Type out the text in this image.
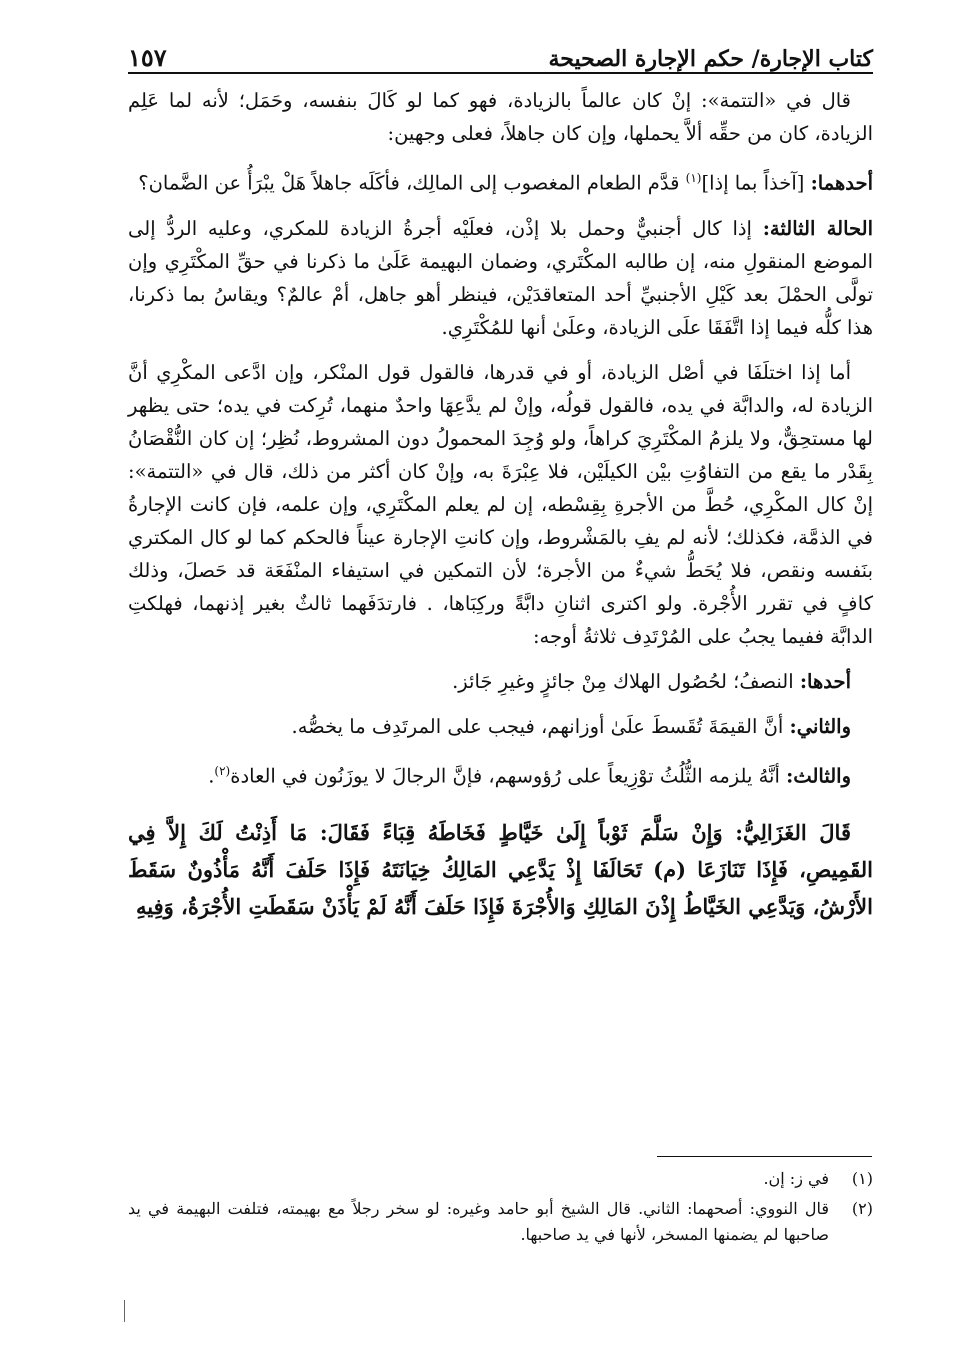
كتاب الإجارة/ حكم الإجارة الصحيحة
١٥٧

قال في «التتمة»: إنْ كان عالماً بالزيادة، فهو كما لو كَالَ بنفسه، وحَمَل؛ لأنه لما عَلِم الزيادة، كان من حقِّه ألاَّ يحملها، وإن كان جاهلاً، فعلى وجهين:

أحدهما: [آخذاً بما إذا]$^{(١)}$ قدَّم الطعام المغصوب إلى المالِك، فأكَلَه جاهلاً هَلْ يبْرَأُ عن الضَّمان؟

الحالة الثالثة: إذا كال أجنبيٌّ وحمل بلا إذْن، فعلَيْه أجرةُ الزيادة للمكري، وعليه الردُّ إلى الموضع المنقولِ منه، إن طالبه المكْتَري، وضمان البهيمة عَلَىٰ ما ذكرنا في حقِّ المكْتَرِي وإن تولَّى الحمْلَ بعد كَيْلِ الأجنبيِّ أحد المتعاقدَيْن، فينظر أهو جاهل، أمْ عالمٌ؟ ويقاسُ بما ذكرنا، هذا كلُّه فيما إذا اتَّفَقَا علَى الزيادة، وعلَىٰ أنها للمُكْتَرِي.

أما إذا اختلَفَا في أصْل الزيادة، أو في قدرها، فالقول قول المنْكر، وإن ادَّعى المكْرِي أنَّ الزيادة له، والدابَّة في يده، فالقول قولُه، وإنْ لم يدَّعِهَا واحدٌ منهما، تُرِكت في يده؛ حتى يظهر لها مستحِقٌّ، ولا يلزمُ المكْتَرِيَ كراهاً، ولو وُجِدَ المحمولُ دون المشروط، نُظِر؛ إن كان النُّقْصَانُ بِقَدْر ما يقع من التفاوُتِ بيْن الكيلَيْن، فلا عِبْرَةَ به، وإنْ كان أكثر من ذلك، قال في «التتمة»: إنْ كال المكْرِي، حُطَّ من الأجرةِ بِقِسْطه، إن لم يعلم المكْتَرِي، وإن علمه، فإن كانت الإجارةُ في الذمَّة، فكذلك؛ لأنه لم يفِ بالمَشْروط، وإن كانتِ الإجارة عيناً فالحكم كما لو كال المكتري بنَفسه ونقص، فلا يُحَطُّ شيءٌ من الأجرة؛ لأن التمكين في استيفاء المنْفَعَة قد حَصلَ، وذلك كافٍ في تقرر الأُجْرة. ولو اكترى اثنانِ دابَّةً وركِبَاها، . فارتدَفَهما ثالثٌ بغير إذنهما، فهلكتِ الدابَّة ففيما يجبُ على المُرْتَدِف ثلاثةُ أوجه:

أحدها: النصفُ؛ لحُصُول الهلاك مِنْ جائزٍ وغيرِ جَائز.

والثاني: أنَّ القيمَةَ تُقَسطَ علَىٰ أوزانهم، فيجب على المرتَدِف ما يخصُّه.

والثالث: أنَّهُ يلزمه الثُّلُثُ توْزِيعاً على رُؤوسهم، فإنَّ الرجالَ لا يوزَنُون في العادة$^{(٢)}$.

قَالَ الغَزَالِيُّ: وَإِنْ سَلَّمَ ثَوْباً إِلَىٰ خَيَّاطٍ فَخَاطَهُ قِبَاءً فَقَالَ: مَا أَذِنْتُ لَكَ إِلاَّ فِي القَمِيصِ، فَإِذَا تَنَازَعَا (م) تَحَالَفَا إِذْ يَدَّعِي المَالِكُ خِيَانَتَهُ فَإِذَا حَلَفَ أَنَّهُ مَأْذُونٌ سَقَطَ الأَرْشُ، وَيَدَّعِي الخَيَّاطُ إِذْنَ المَالِكِ وَالأُجْرَةَ فَإِذَا حَلَفَ أَنَّهُ لَمْ يَأْذَنْ سَقَطَتِ الأُجْرَةُ، وَفِيهِ

(١)
في ز: إن.
(٢)
قال النووي: أصحهما: الثاني. قال الشيخ أبو حامد وغيره: لو سخر رجلاً مع بهيمته، فتلفت البهيمة في يد صاحبها لم يضمنها المسخر، لأنها في يد صاحبها.
